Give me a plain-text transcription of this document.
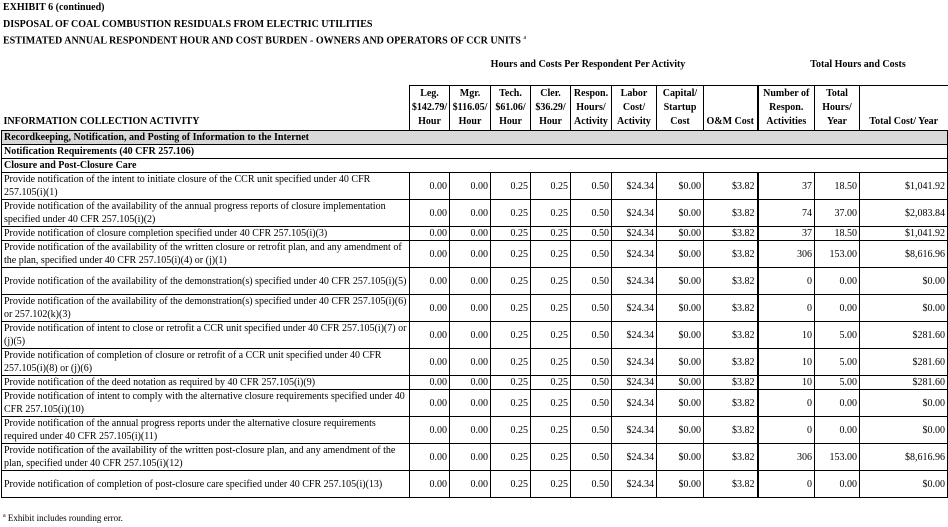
EXHIBIT 6 (continued)
DISPOSAL OF COAL COMBUSTION RESIDUALS FROM ELECTRIC UTILITIES
ESTIMATED ANNUAL RESPONDENT HOUR AND COST BURDEN - OWNERS AND OPERATORS OF CCR UNITS $^a$
Hours and Costs Per Respondent Per Activity	Total Hours and Costs
INFORMATION COLLECTION ACTIVITY	Leg. $142.79/ Hour	Mgr. $116.05/ Hour	Tech. $61.06/ Hour	Cler. $36.29/ Hour	Respon. Hours/ Activity	Labor Cost/ Activity	Capital/ Startup Cost	O&M Cost	Number of Respon. Activities	Total Hours/ Year	Total Cost/ Year
Recordkeeping, Notification, and Posting of Information to the Internet											
Notification Requirements (40 CFR 257.106)											
Closure and Post-Closure Care											
Provide notification of the intent to initiate closure of the CCR unit specified under 40 CFR 257.105(i)(1)	0.00	0.00	0.25	0.25	0.50	$24.34	$0.00	$3.82	37	18.50	$1,041.92
Provide notification of the availability of the annual progress reports of closure implementation specified under 40 CFR 257.105(i)(2)	0.00	0.00	0.25	0.25	0.50	$24.34	$0.00	$3.82	74	37.00	$2,083.84
Provide notification of closure completion specified under 40 CFR 257.105(i)(3)	0.00	0.00	0.25	0.25	0.50	$24.34	$0.00	$3.82	37	18.50	$1,041.92
Provide notification of the availability of the written closure or retrofit plan, and any amendment of the plan, specified under 40 CFR 257.105(i)(4) or (j)(1)	0.00	0.00	0.25	0.25	0.50	$24.34	$0.00	$3.82	306	153.00	$8,616.96
Provide notification of the availability of the demonstration(s) specified under 40 CFR 257.105(i)(5)	0.00	0.00	0.25	0.25	0.50	$24.34	$0.00	$3.82	0	0.00	$0.00
Provide notification of the availability of the demonstration(s) specified under 40 CFR 257.105(i)(6) or 257.102(k)(3)	0.00	0.00	0.25	0.25	0.50	$24.34	$0.00	$3.82	0	0.00	$0.00
Provide notification of intent to close or retrofit a CCR unit specified under 40 CFR 257.105(i)(7) or (j)(5)	0.00	0.00	0.25	0.25	0.50	$24.34	$0.00	$3.82	10	5.00	$281.60
Provide notification of completion of closure or retrofit of a CCR unit specified under 40 CFR 257.105(i)(8) or (j)(6)	0.00	0.00	0.25	0.25	0.50	$24.34	$0.00	$3.82	10	5.00	$281.60
Provide notification of the deed notation as required by 40 CFR 257.105(i)(9)	0.00	0.00	0.25	0.25	0.50	$24.34	$0.00	$3.82	10	5.00	$281.60
Provide notification of intent to comply with the alternative closure requirements specified under 40 CFR 257.105(i)(10)	0.00	0.00	0.25	0.25	0.50	$24.34	$0.00	$3.82	0	0.00	$0.00
Provide notification of the annual progress reports under the alternative closure requirements required under 40 CFR 257.105(i)(11)	0.00	0.00	0.25	0.25	0.50	$24.34	$0.00	$3.82	0	0.00	$0.00
Provide notification of the availability of the written post-closure plan, and any amendment of the plan, specified under 40 CFR 257.105(i)(12)	0.00	0.00	0.25	0.25	0.50	$24.34	$0.00	$3.82	306	153.00	$8,616.96
Provide notification of completion of post-closure care specified under 40 CFR 257.105(i)(13)	0.00	0.00	0.25	0.25	0.50	$24.34	$0.00	$3.82	0	0.00	$0.00
$^a$ Exhibit includes rounding error.
